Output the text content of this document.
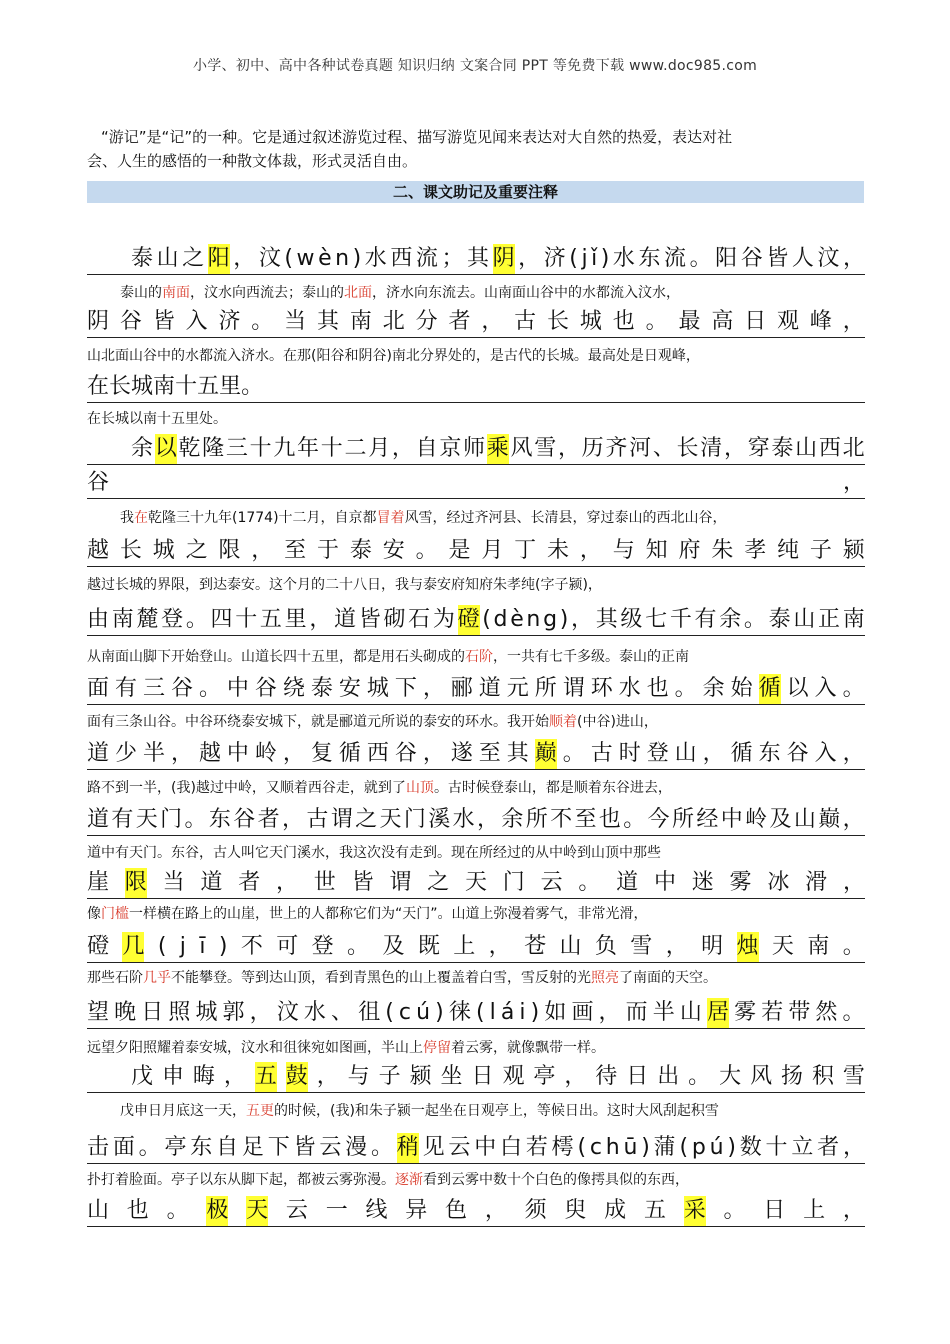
小学、初中、高中各种试卷真题 知识归纳 文案合同 PPT 等免费下载 www.doc985.com
“游记”是“记”的一种。它是通过叙述游览过程、描写游览见闻来表达对大自然的热爱，表达对社
会、人生的感悟的一种散文体裁，形式灵活自由。
二、课文助记及重要注释
泰 山 之 阳 ， 汶 ( w è n ) 水 西 流 ； 其 阴 ， 济 ( j ǐ ) 水 东 流 。 阳 谷 皆 人 汶 ，
泰山的南面，汶水向西流去；泰山的北面，济水向东流去。山南面山谷中的水都流入汶水，
阴 谷 皆 入 济 。 当 其 南 北 分 者 ， 古 长 城 也 。 最 高 日 观 峰 ，
山北面山谷中的水都流入济水。在那(阳谷和阴谷)南北分界处的，是古代的长城。最高处是日观峰，
在 长 城 南 十 五 里 。
在长城以南十五里处。
余 以 乾 隆 三 十 九 年 十 二 月 ， 自 京 师 乘 风 雪 ， 历 齐 河 、 长 清 ， 穿 泰 山 西 北
谷	，
我在乾隆三十九年(1774)十二月，自京都冒着风雪，经过齐河县、长清县，穿过泰山的西北山谷，
越 长 城 之 限 ， 至 于 泰 安 。 是 月 丁 未 ， 与 知 府 朱 孝 纯 子 颍
越过长城的界限，到达泰安。这个月的二十八日，我与泰安府知府朱孝纯(字子颍)，
由 南 麓 登 。 四 十 五 里 ， 道 皆 砌 石 为 磴 ( d è n g ) ， 其 级 七 千 有 余 。 泰 山 正 南
从南面山脚下开始登山。山道长四十五里，都是用石头砌成的石阶，一共有七千多级。泰山的正南
面 有 三 谷 。 中 谷 绕 泰 安 城 下 ， 郦 道 元 所 谓 环 水 也 。 余 始 循 以 入 。
面有三条山谷。中谷环绕泰安城下，就是郦道元所说的泰安的环水。我开始顺着(中谷)进山，
道 少 半 ， 越 中 岭 ， 复 循 西 谷 ， 遂 至 其 巅 。 古 时 登 山 ， 循 东 谷 入 ，
路不到一半，(我)越过中岭，又顺着西谷走，就到了山顶。古时候登泰山，都是顺着东谷进去，
道 有 天 门 。 东 谷 者 ， 古 谓 之 天 门 溪 水 ， 余 所 不 至 也 。 今 所 经 中 岭 及 山 巅 ，
道中有天门。东谷，古人叫它天门溪水，我这次没有走到。现在所经过的从中岭到山顶中那些
崖 限 当 道 者 ， 世 皆 谓 之 天 门 云 。 道 中 迷 雾 冰 滑 ，
像门槛一样横在路上的山崖，世上的人都称它们为“天门”。山道上弥漫着雾气，非常光滑，
磴 几 ( j ī ) 不 可 登 。 及 既 上 ， 苍 山 负 雪 ， 明 烛 天 南 。
那些石阶几乎不能攀登。等到达山顶，看到青黑色的山上覆盖着白雪，雪反射的光照亮了南面的天空。
望 晚 日 照 城 郭 ， 汶 水 、 徂 ( c ú ) 徕 ( l á i ) 如 画 ， 而 半 山 居 雾 若 带 然 。
远望夕阳照耀着泰安城，汶水和徂徕宛如图画，半山上停留着云雾，就像飘带一样。
戊 申 晦 ， 五 鼓 ， 与 子 颍 坐 日 观 亭 ， 待 日 出 。 大 风 扬 积 雪
戊申日月底这一天，五更的时候，(我)和朱子颍一起坐在日观亭上，等候日出。这时大风刮起积雪
击 面 。 亭 东 自 足 下 皆 云 漫 。 稍 见 云 中 白 若 樗 ( c h ū ) 蒲 ( p ú ) 数 十 立 者 ，
扑打着脸面。亭子以东从脚下起，都被云雾弥漫。逐渐看到云雾中数十个白色的像摴具似的东西，
山 也 。 极 天 云 一 线 异 色 ， 须 臾 成 五 采 。 日 上 ，
